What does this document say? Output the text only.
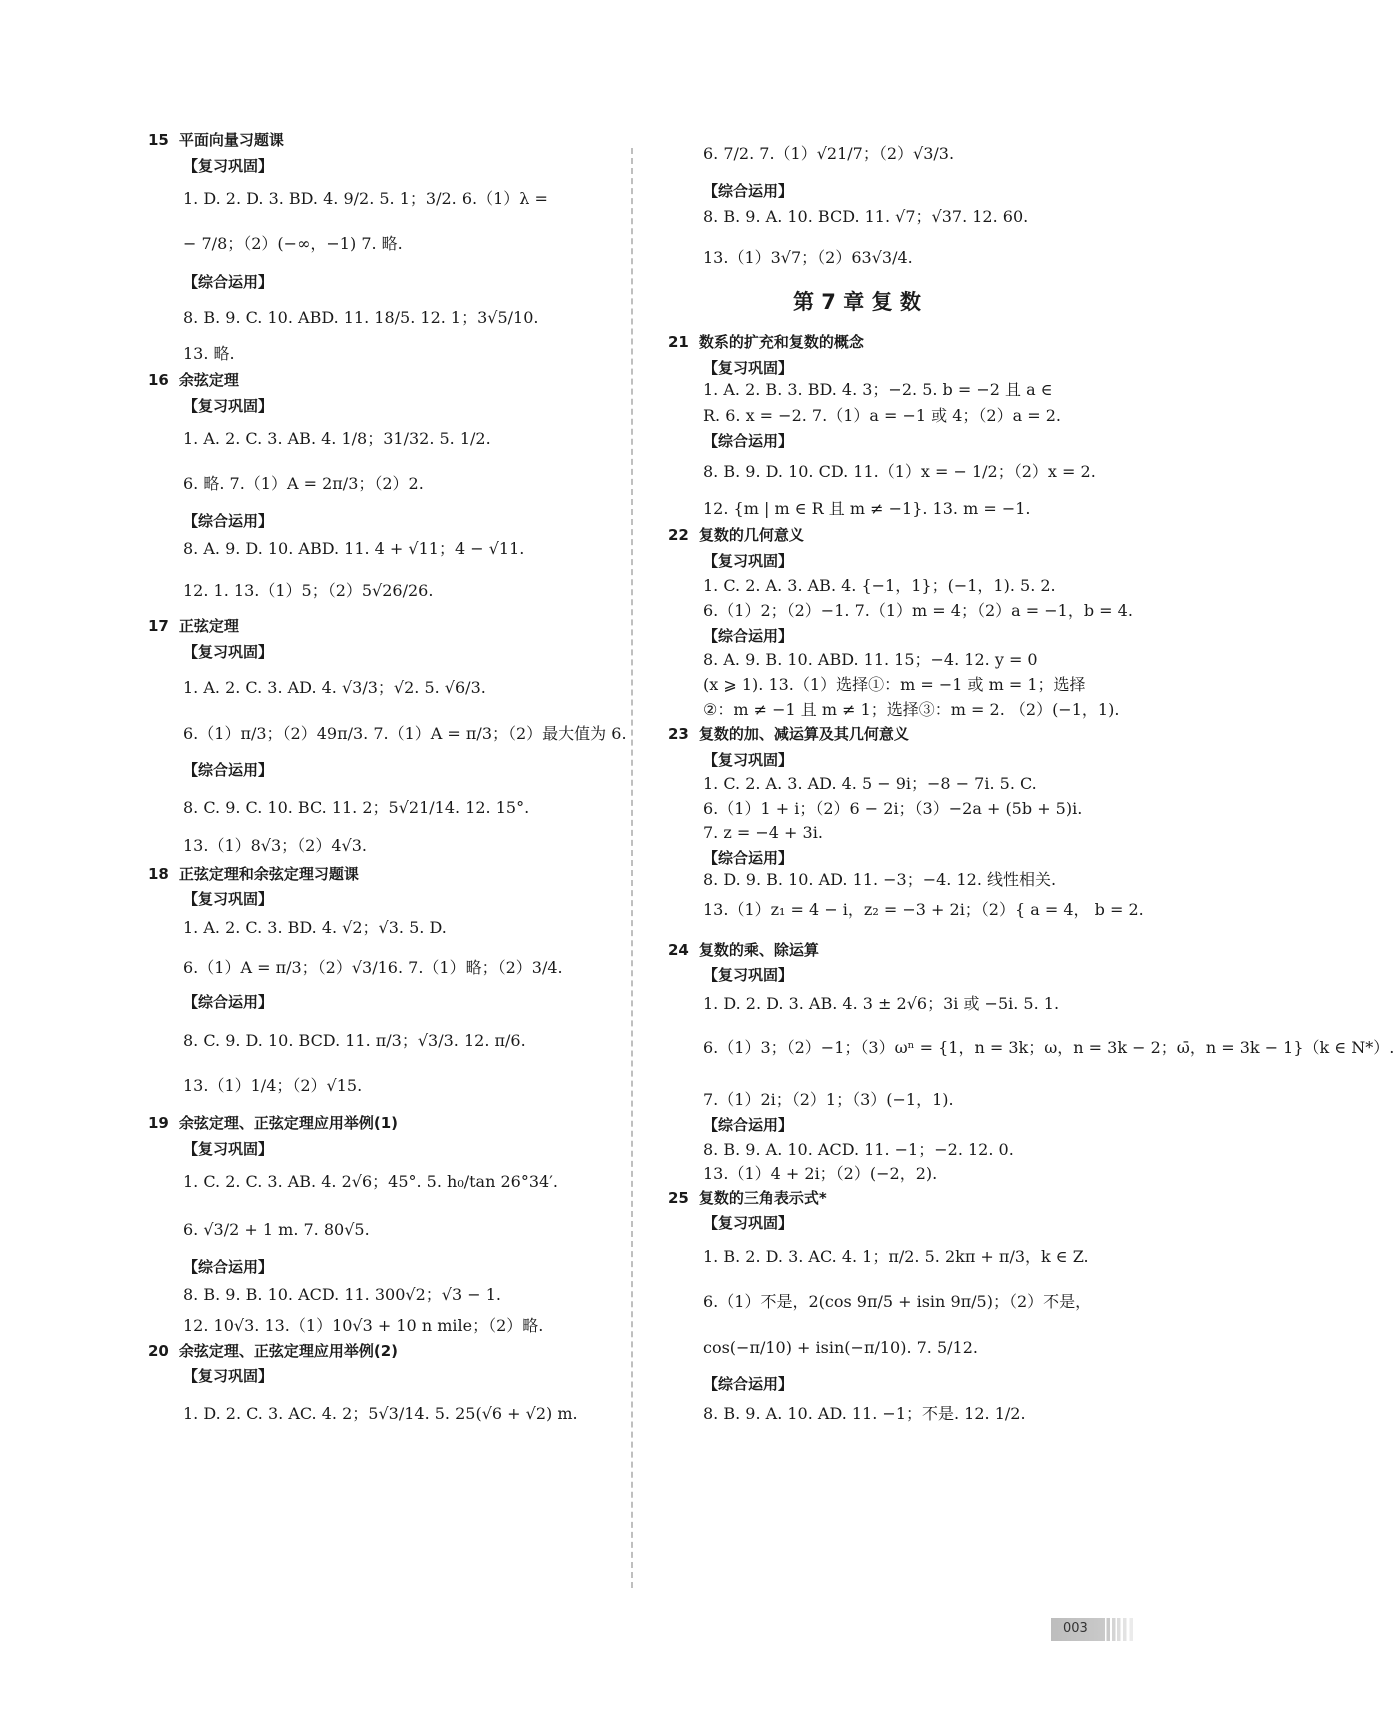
15 平面向量习题课
【复习巩固】
1. D. 2. D. 3. BD. 4. 9/2. 5. 1；3/2. 6.（1）λ =
− 7/8；（2）(−∞，−1) 7. 略.
【综合运用】
8. B. 9. C. 10. ABD. 11. 18/5. 12. 1；3√5/10.
13. 略.
16 余弦定理
【复习巩固】
1. A. 2. C. 3. AB. 4. 1/8；31/32. 5. 1/2.
6. 略. 7.（1）A = 2π/3；（2）2.
【综合运用】
8. A. 9. D. 10. ABD. 11. 4 + √11；4 − √11.
12. 1. 13.（1）5；（2）5√26/26.
17 正弦定理
【复习巩固】
1. A. 2. C. 3. AD. 4. √3/3；√2. 5. √6/3.
6.（1）π/3；（2）49π/3. 7.（1）A = π/3；（2）最大值为 6.
【综合运用】
8. C. 9. C. 10. BC. 11. 2；5√21/14. 12. 15°.
13.（1）8√3；（2）4√3.
18 正弦定理和余弦定理习题课
【复习巩固】
1. A. 2. C. 3. BD. 4. √2；√3. 5. D.
6.（1）A = π/3；（2）√3/16. 7.（1）略；（2）3/4.
【综合运用】
8. C. 9. D. 10. BCD. 11. π/3；√3/3. 12. π/6.
13.（1）1/4；（2）√15.
19 余弦定理、正弦定理应用举例(1)
【复习巩固】
1. C. 2. C. 3. AB. 4. 2√6；45°. 5. h₀/tan 26°34′.
6. √3/2 + 1 m. 7. 80√5.
【综合运用】
8. B. 9. B. 10. ACD. 11. 300√2；√3 − 1.
12. 10√3. 13.（1）10√3 + 10 n mile；（2）略.
20 余弦定理、正弦定理应用举例(2)
【复习巩固】
1. D. 2. C. 3. AC. 4. 2；5√3/14. 5. 25(√6 + √2) m.
6. 7/2. 7.（1）√21/7；（2）√3/3.
【综合运用】
8. B. 9. A. 10. BCD. 11. √7；√37. 12. 60.
13.（1）3√7；（2）63√3/4.
第 7 章 复 数
21 数系的扩充和复数的概念
【复习巩固】
1. A. 2. B. 3. BD. 4. 3；−2. 5. b = −2 且 a ∈
R. 6. x = −2. 7.（1）a = −1 或 4；（2）a = 2.
【综合运用】
8. B. 9. D. 10. CD. 11.（1）x = − 1/2；（2）x = 2.
12. {m | m ∈ R 且 m ≠ −1}. 13. m = −1.
22 复数的几何意义
【复习巩固】
1. C. 2. A. 3. AB. 4. {−1，1}；(−1，1). 5. 2.
6.（1）2；（2）−1. 7.（1）m = 4；（2）a = −1，b = 4.
【综合运用】
8. A. 9. B. 10. ABD. 11. 15；−4. 12. y = 0
(x ⩾ 1). 13.（1）选择①：m = −1 或 m = 1；选择
②：m ≠ −1 且 m ≠ 1；选择③：m = 2. （2）(−1，1).
23 复数的加、减运算及其几何意义
【复习巩固】
1. C. 2. A. 3. AD. 4. 5 − 9i；−8 − 7i. 5. C.
6.（1）1 + i；（2）6 − 2i；（3）−2a + (5b + 5)i.
7. z = −4 + 3i.
【综合运用】
8. D. 9. B. 10. AD. 11. −3；−4. 12. 线性相关.
13.（1）z₁ = 4 − i，z₂ = −3 + 2i；（2）{ a = 4， b = 2.
24 复数的乘、除运算
【复习巩固】
1. D. 2. D. 3. AB. 4. 3 ± 2√6；3i 或 −5i. 5. 1.
6.（1）3；（2）−1；（3）ωⁿ = {1，n = 3k；ω，n = 3k − 2；ω̄，n = 3k − 1}（k ∈ N*）.
7.（1）2i；（2）1；（3）(−1，1).
【综合运用】
8. B. 9. A. 10. ACD. 11. −1；−2. 12. 0.
13.（1）4 + 2i；（2）(−2，2).
25 复数的三角表示式*
【复习巩固】
1. B. 2. D. 3. AC. 4. 1；π/2. 5. 2kπ + π/3，k ∈ Z.
6.（1）不是，2(cos 9π/5 + isin 9π/5)；（2）不是，
cos(−π/10) + isin(−π/10). 7. 5/12.
【综合运用】
8. B. 9. A. 10. AD. 11. −1；不是. 12. 1/2.
003
